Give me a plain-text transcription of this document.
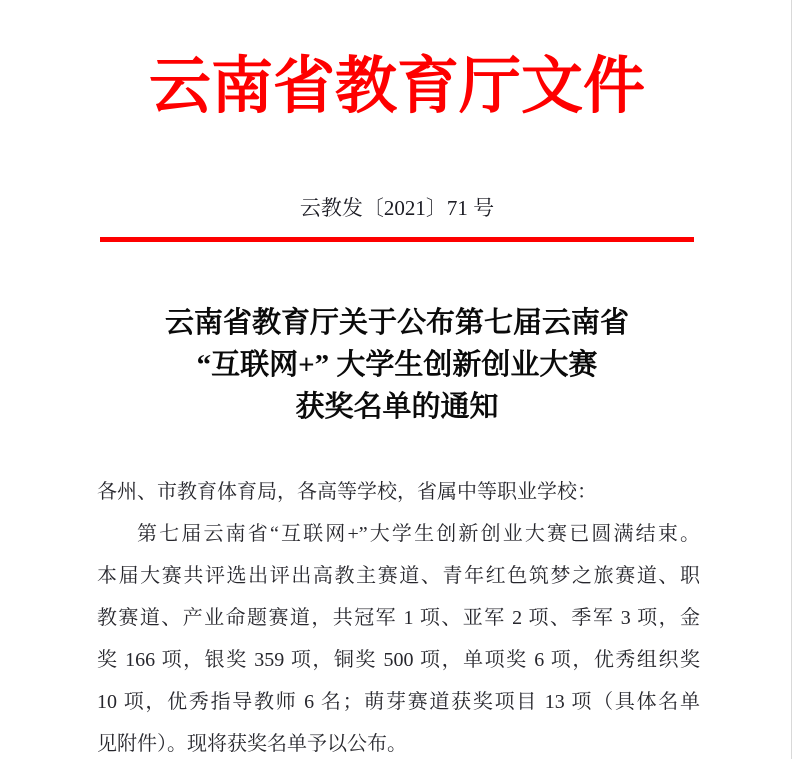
云南省教育厅文件
云教发〔2021〕71 号
云南省教育厅关于公布第七届云南省
“互联网+” 大学生创新创业大赛
获奖名单的通知
各州、市教育体育局，各高等学校，省属中等职业学校：
第七届云南省“互联网+”大学生创新创业大赛已圆满结束。
本届大赛共评选出评出高教主赛道、青年红色筑梦之旅赛道、职
教赛道、产业命题赛道，共冠军 1 项、亚军 2 项、季军 3 项，金
奖 166 项，银奖 359 项，铜奖 500 项，单项奖 6 项，优秀组织奖
10 项，优秀指导教师 6 名；萌芽赛道获奖项目 13 项（具体名单
见附件）。现将获奖名单予以公布。
